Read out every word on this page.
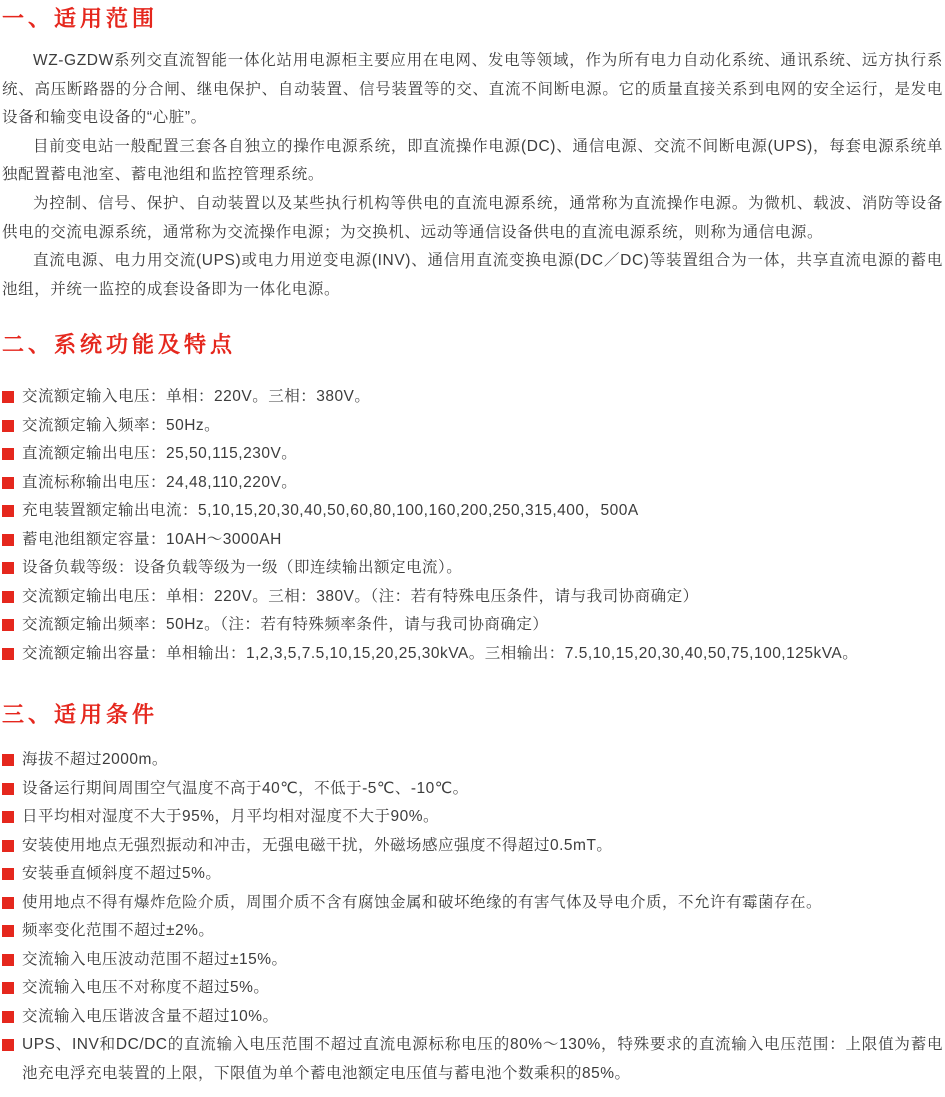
一、适用范围
WZ-GZDW系列交直流智能一体化站用电源柜主要应用在电网、发电等领域，作为所有电力自动化系统、通讯系统、远方执行系统、高压断路器的分合闸、继电保护、自动装置、信号装置等的交、直流不间断电源。它的质量直接关系到电网的安全运行，是发电设备和输变电设备的“心脏”。
目前变电站一般配置三套各自独立的操作电源系统，即直流操作电源(DC)、通信电源、交流不间断电源(UPS)，每套电源系统单独配置蓄电池室、蓄电池组和监控管理系统。
为控制、信号、保护、自动装置以及某些执行机构等供电的直流电源系统，通常称为直流操作电源。为微机、载波、消防等设备供电的交流电源系统，通常称为交流操作电源；为交换机、远动等通信设备供电的直流电源系统，则称为通信电源。
直流电源、电力用交流(UPS)或电力用逆变电源(INV)、通信用直流变换电源(DC／DC)等装置组合为一体，共享直流电源的蓄电池组，并统一监控的成套设备即为一体化电源。
二、系统功能及特点
交流额定输入电压：单相：220V。三相：380V。
交流额定输入频率：50Hz。
直流额定输出电压：25,50,115,230V。
直流标称输出电压：24,48,110,220V。
充电装置额定输出电流：5,10,15,20,30,40,50,60,80,100,160,200,250,315,400，500A
蓄电池组额定容量：10AH～3000AH
设备负载等级：设备负载等级为一级（即连续输出额定电流）。
交流额定输出电压：单相：220V。三相：380V。（注：若有特殊电压条件，请与我司协商确定）
交流额定输出频率：50Hz。（注：若有特殊频率条件，请与我司协商确定）
交流额定输出容量：单相输出：1,2,3,5,7.5,10,15,20,25,30kVA。三相输出：7.5,10,15,20,30,40,50,75,100,125kVA。
三、适用条件
海拔不超过2000m。
设备运行期间周围空气温度不高于40℃，不低于-5℃、-10℃。
日平均相对湿度不大于95%，月平均相对湿度不大于90%。
安装使用地点无强烈振动和冲击，无强电磁干扰，外磁场感应强度不得超过0.5mT。
安装垂直倾斜度不超过5%。
使用地点不得有爆炸危险介质，周围介质不含有腐蚀金属和破坏绝缘的有害气体及导电介质，不允许有霉菌存在。
频率变化范围不超过±2%。
交流输入电压波动范围不超过±15%。
交流输入电压不对称度不超过5%。
交流输入电压谐波含量不超过10%。
UPS、INV和DC/DC的直流输入电压范围不超过直流电源标称电压的80%～130%，特殊要求的直流输入电压范围：上限值为蓄电池充电浮充电装置的上限，下限值为单个蓄电池额定电压值与蓄电池个数乘积的85%。
